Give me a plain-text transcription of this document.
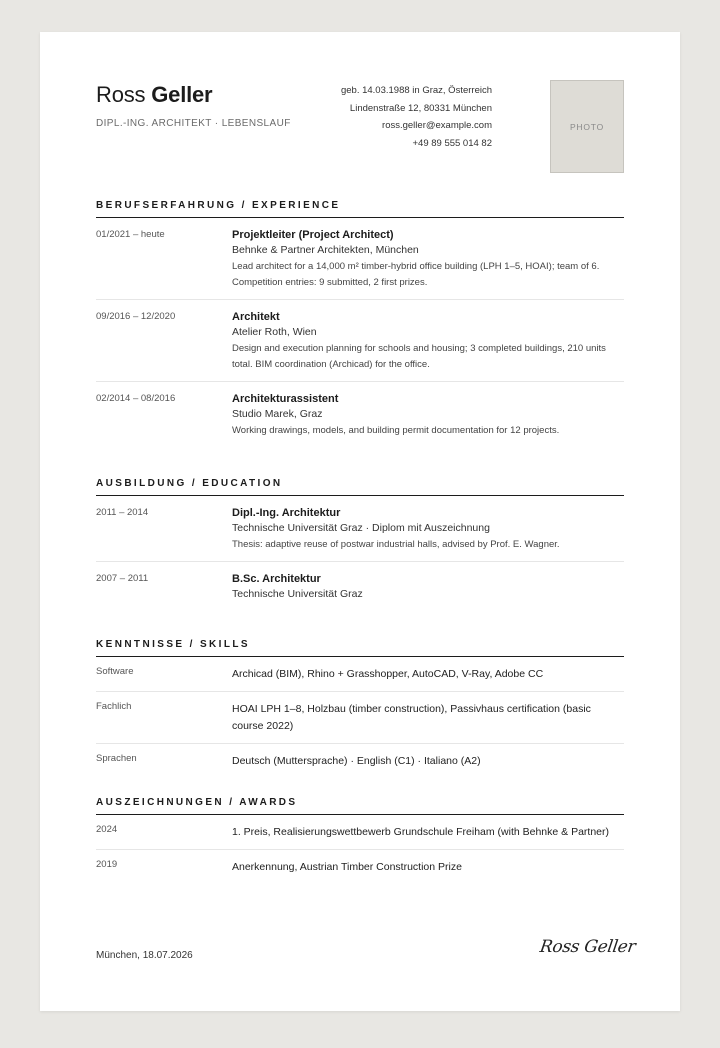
Ross Geller
DIPL.-ING. ARCHITEKT · LEBENSLAUF
geb. 14.03.1988 in Graz, Österreich
Lindenstraße 12, 80331 München
ross.geller@example.com
+49 89 555 014 82
PHOTO
BERUFSERFAHRUNG / EXPERIENCE
01/2021 – heute	Projektleiter (Project Architect)
Behnke & Partner Architekten, München
Lead architect for a 14,000 m² timber-hybrid office building (LPH 1–5, HOAI); team of 6. Competition entries: 9 submitted, 2 first prizes.
09/2016 – 12/2020	Architekt
Atelier Roth, Wien
Design and execution planning for schools and housing; 3 completed buildings, 210 units total. BIM coordination (Archicad) for the office.
02/2014 – 08/2016	Architekturassistent
Studio Marek, Graz
Working drawings, models, and building permit documentation for 12 projects.
AUSBILDUNG / EDUCATION
2011 – 2014	Dipl.-Ing. Architektur
Technische Universität Graz · Diplom mit Auszeichnung
Thesis: adaptive reuse of postwar industrial halls, advised by Prof. E. Wagner.
2007 – 2011	B.Sc. Architektur
Technische Universität Graz
KENNTNISSE / SKILLS
Software	Archicad (BIM), Rhino + Grasshopper, AutoCAD, V-Ray, Adobe CC
Fachlich	HOAI LPH 1–8, Holzbau (timber construction), Passivhaus certification (basic course 2022)
Sprachen	Deutsch (Muttersprache) · English (C1) · Italiano (A2)
AUSZEICHNUNGEN / AWARDS
2024	1. Preis, Realisierungswettbewerb Grundschule Freiham (with Behnke & Partner)
2019	Anerkennung, Austrian Timber Construction Prize
München, 18.07.2026	Ross Geller
